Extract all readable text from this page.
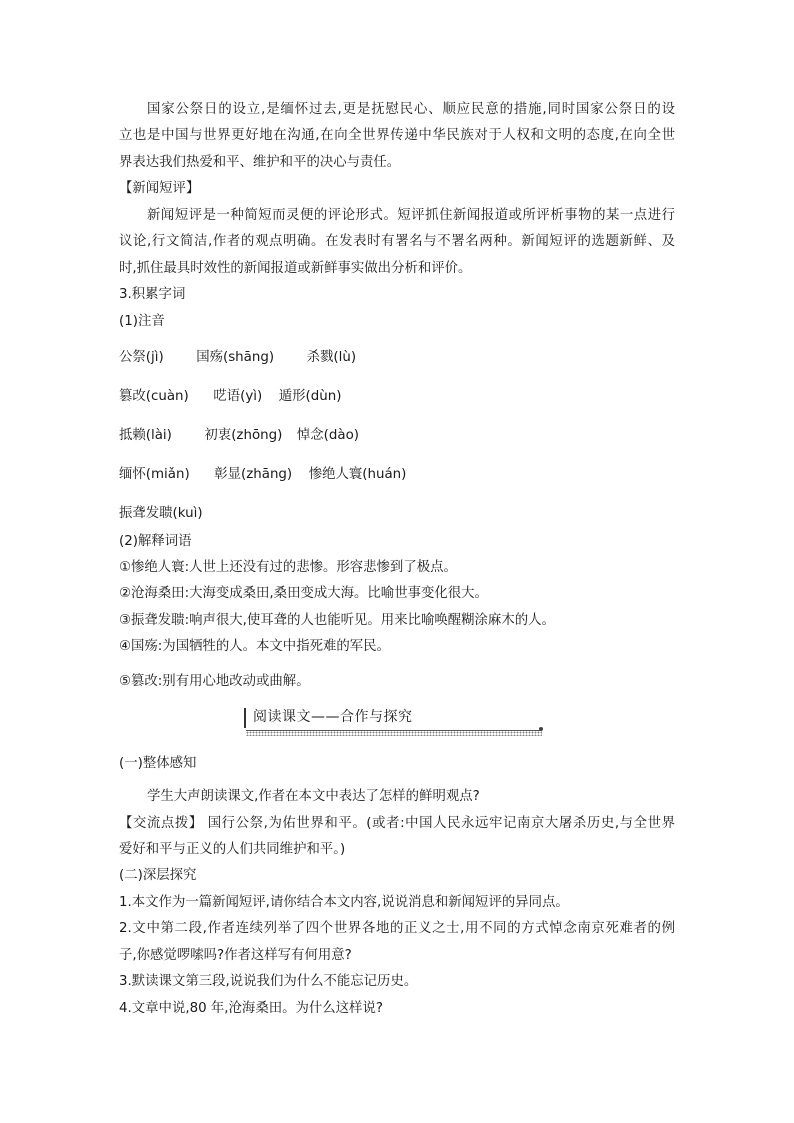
国家公祭日的设立,是缅怀过去,更是抚慰民心、顺应民意的措施,同时国家公祭日的设
立也是中国与世界更好地在沟通,在向全世界传递中华民族对于人权和文明的态度,在向全世
界表达我们热爱和平、维护和平的决心与责任。
【新闻短评】
新闻短评是一种简短而灵便的评论形式。短评抓住新闻报道或所评析事物的某一点进行
议论,行文简洁,作者的观点明确。在发表时有署名与不署名两种。新闻短评的选题新鲜、及
时,抓住最具时效性的新闻报道或新鲜事实做出分析和评价。
3.积累字词
(1)注音
公祭(jì) 国殇(shāng) 杀戮(lù)
篡改(cuàn) 呓语(yì) 遁形(dùn)
抵赖(lài) 初衷(zhōng) 悼念(dào)
缅怀(miǎn) 彰显(zhāng) 惨绝人寰(huán)
振聋发聩(kuì)
(2)解释词语
①惨绝人寰:人世上还没有过的悲惨。形容悲惨到了极点。
②沧海桑田:大海变成桑田,桑田变成大海。比喻世事变化很大。
③振聋发聩:响声很大,使耳聋的人也能听见。用来比喻唤醒糊涂麻木的人。
④国殇:为国牺牲的人。本文中指死难的军民。
⑤篡改:别有用心地改动或曲解。
阅读课文——合作与探究
(一)整体感知
学生大声朗读课文,作者在本文中表达了怎样的鲜明观点?
【交流点拨】 国行公祭,为佑世界和平。(或者:中国人民永远牢记南京大屠杀历史,与全世界
爱好和平与正义的人们共同维护和平。)
(二)深层探究
1.本文作为一篇新闻短评,请你结合本文内容,说说消息和新闻短评的异同点。
2.文中第二段,作者连续列举了四个世界各地的正义之士,用不同的方式悼念南京死难者的例
子,你感觉啰嗦吗?作者这样写有何用意?
3.默读课文第三段,说说我们为什么不能忘记历史。
4.文章中说,80 年,沧海桑田。为什么这样说?
